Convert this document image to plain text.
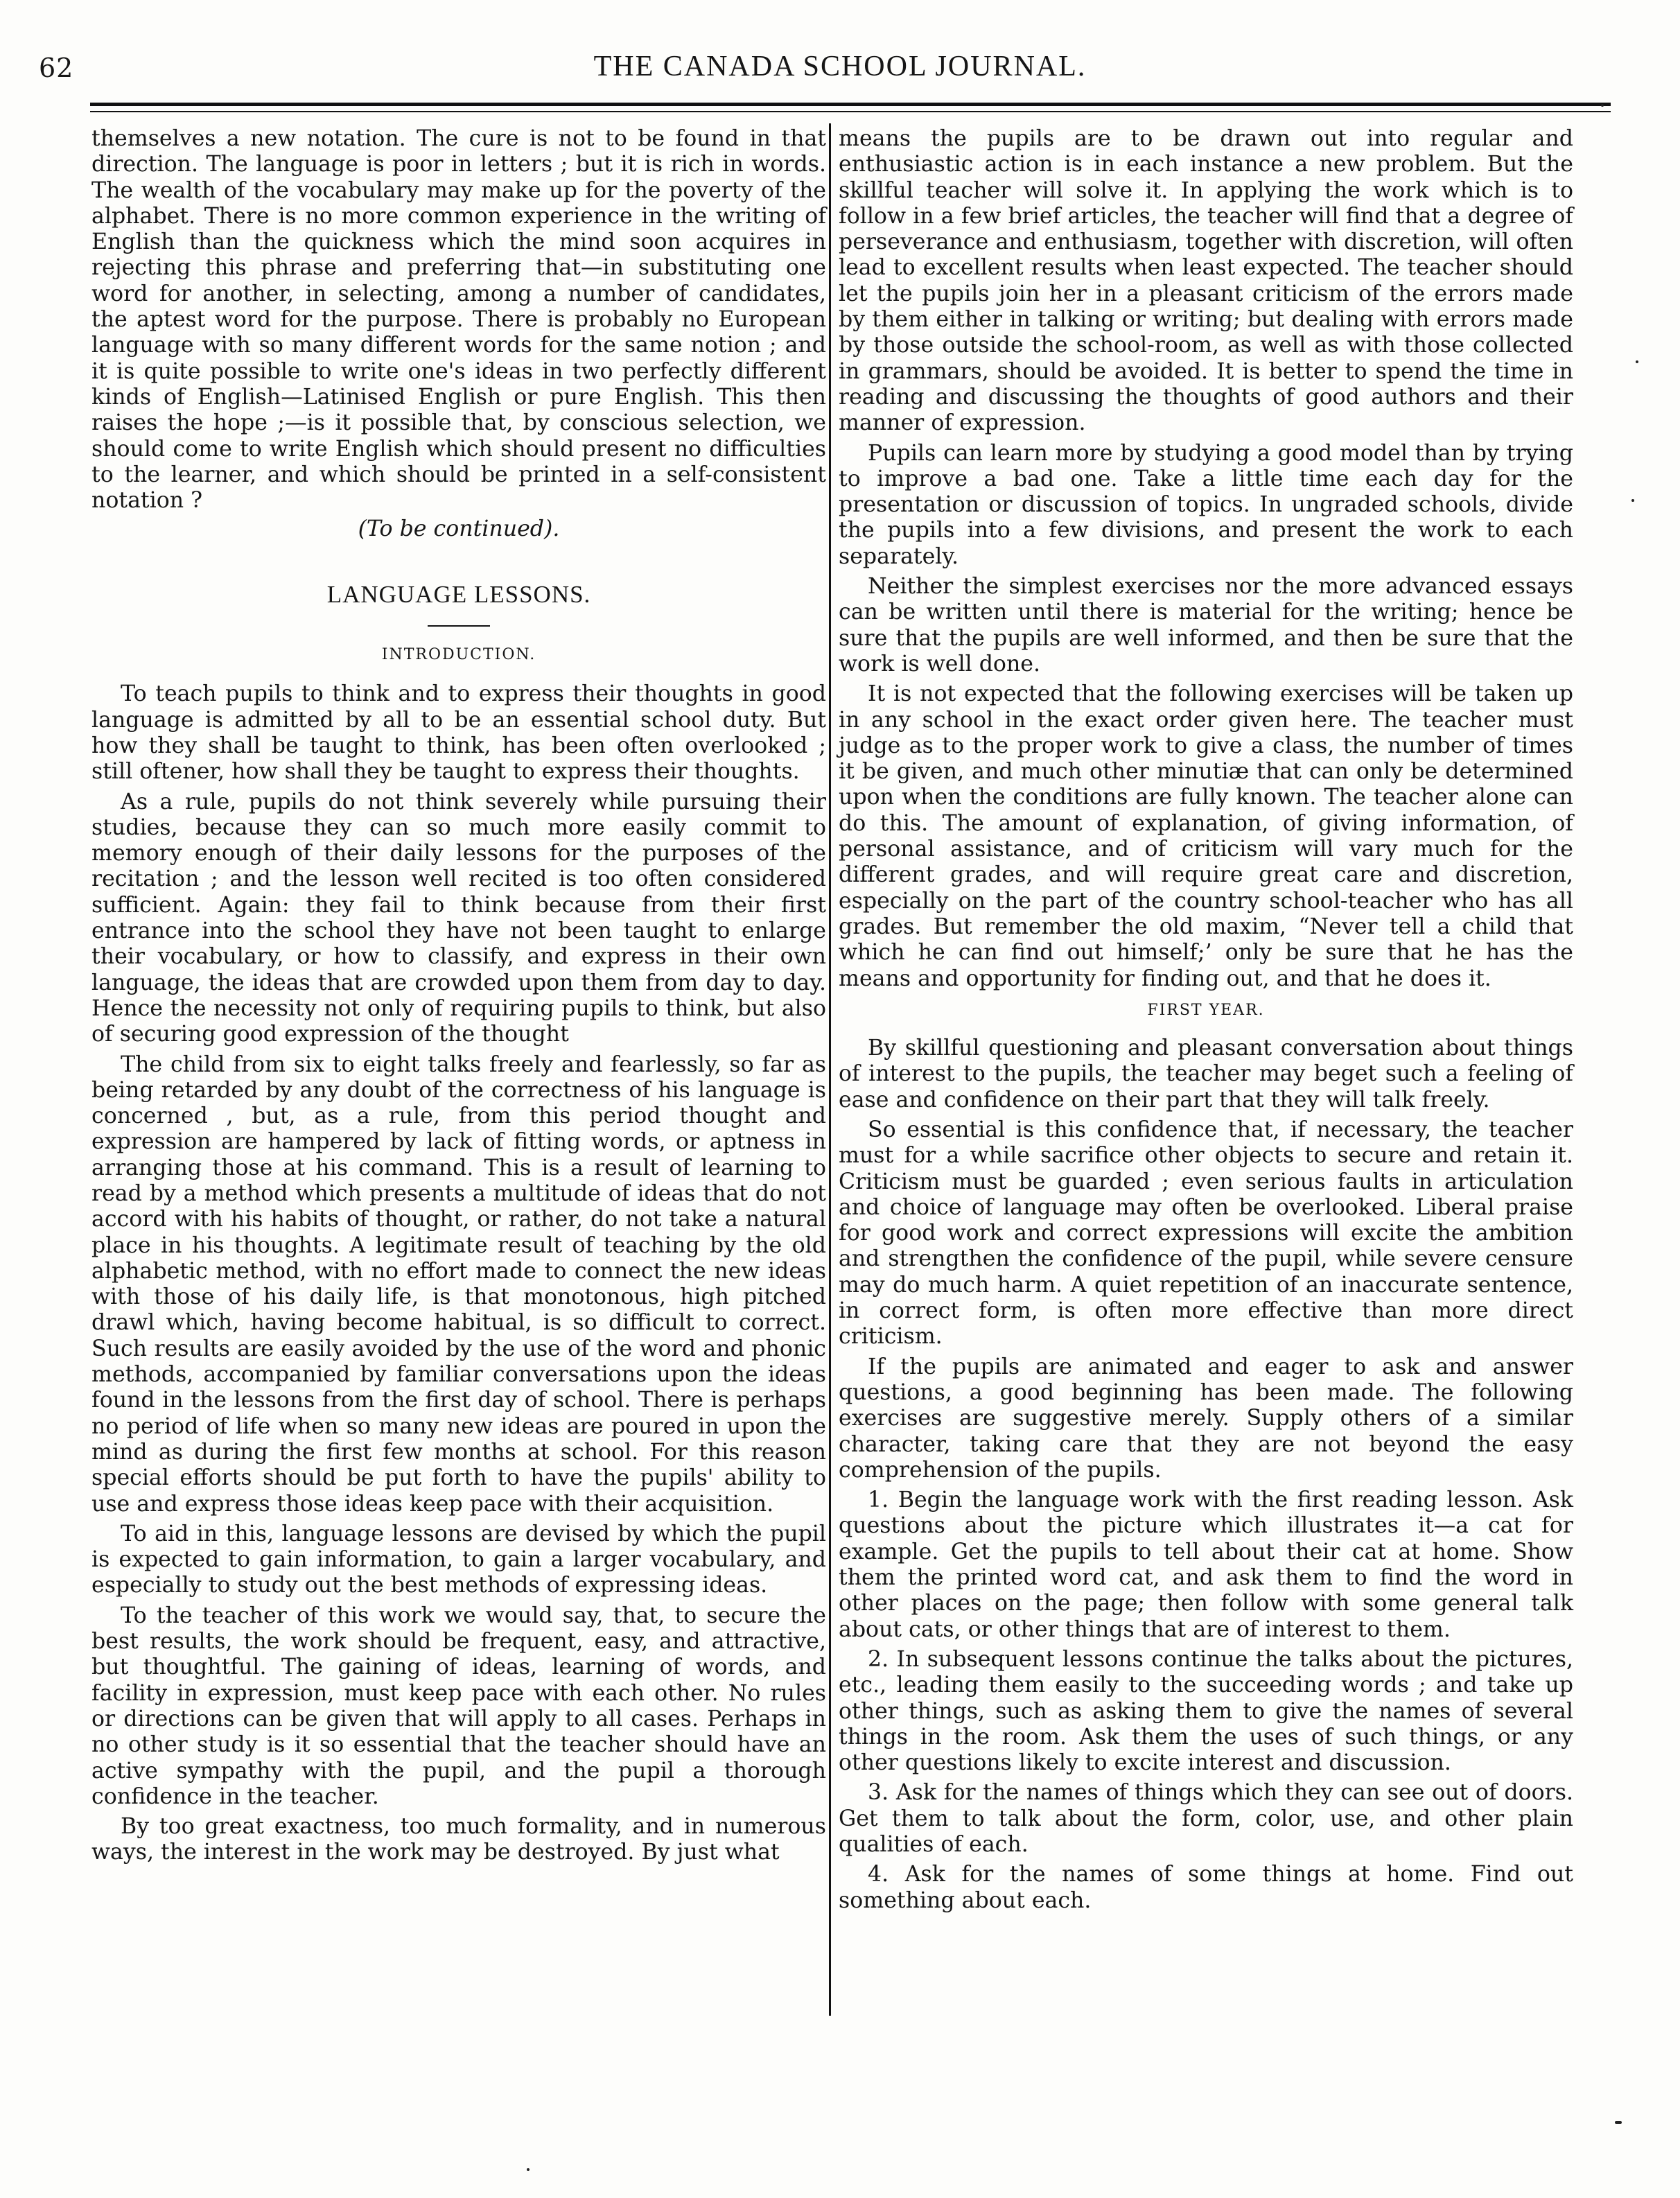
62	THE CANADA SCHOOL JOURNAL.

themselves a new notation. The cure is not to be found in that direction. The language is poor in letters ; but it is rich in words. The wealth of the vocabulary may make up for the poverty of the alphabet. There is no more common experience in the writing of English than the quickness which the mind soon acquires in rejecting this phrase and preferring that—in substituting one word for another, in selecting, among a number of candidates, the aptest word for the purpose. There is probably no European language with so many different words for the same notion ; and it is quite possible to write one's ideas in two perfectly different kinds of English—Latinised English or pure English. This then raises the hope ;—is it possible that, by conscious selection, we should come to write English which should present no difficulties to the learner, and which should be printed in a self-consistent notation ?

(To be continued).

LANGUAGE LESSONS.
INTRODUCTION.

To teach pupils to think and to express their thoughts in good language is admitted by all to be an essential school duty. But how they shall be taught to think, has been often overlooked ; still oftener, how shall they be taught to express their thoughts.

As a rule, pupils do not think severely while pursuing their studies, because they can so much more easily commit to memory enough of their daily lessons for the purposes of the recitation ; and the lesson well recited is too often considered sufficient. Again: they fail to think because from their first entrance into the school they have not been taught to enlarge their vocabulary, or how to classify, and express in their own language, the ideas that are crowded upon them from day to day. Hence the necessity not only of requiring pupils to think, but also of securing good expression of the thought

The child from six to eight talks freely and fearlessly, so far as being retarded by any doubt of the correctness of his language is concerned , but, as a rule, from this period thought and expression are hampered by lack of fitting words, or aptness in arranging those at his command. This is a result of learning to read by a method which presents a multitude of ideas that do not accord with his habits of thought, or rather, do not take a natural place in his thoughts. A legitimate result of teaching by the old alphabetic method, with no effort made to connect the new ideas with those of his daily life, is that monotonous, high pitched drawl which, having become habitual, is so difficult to correct. Such results are easily avoided by the use of the word and phonic methods, accompanied by familiar conversations upon the ideas found in the lessons from the first day of school. There is perhaps no period of life when so many new ideas are poured in upon the mind as during the first few months at school. For this reason special efforts should be put forth to have the pupils' ability to use and express those ideas keep pace with their acquisition.

To aid in this, language lessons are devised by which the pupil is expected to gain information, to gain a larger vocabulary, and especially to study out the best methods of expressing ideas.

To the teacher of this work we would say, that, to secure the best results, the work should be frequent, easy, and attractive, but thoughtful. The gaining of ideas, learning of words, and facility in expression, must keep pace with each other. No rules or directions can be given that will apply to all cases. Perhaps in no other study is it so essential that the teacher should have an active sympathy with the pupil, and the pupil a thorough confidence in the teacher.

By too great exactness, too much formality, and in numerous ways, the interest in the work may be destroyed. By just what

means the pupils are to be drawn out into regular and enthusiastic action is in each instance a new problem. But the skillful teacher will solve it. In applying the work which is to follow in a few brief articles, the teacher will find that a degree of perseverance and enthusiasm, together with discretion, will often lead to excellent results when least expected. The teacher should let the pupils join her in a pleasant criticism of the errors made by them either in talking or writing; but dealing with errors made by those outside the school-room, as well as with those collected in grammars, should be avoided. It is better to spend the time in reading and discussing the thoughts of good authors and their manner of expression.

Pupils can learn more by studying a good model than by trying to improve a bad one. Take a little time each day for the presentation or discussion of topics. In ungraded schools, divide the pupils into a few divisions, and present the work to each separately.

Neither the simplest exercises nor the more advanced essays can be written until there is material for the writing; hence be sure that the pupils are well informed, and then be sure that the work is well done.

It is not expected that the following exercises will be taken up in any school in the exact order given here. The teacher must judge as to the proper work to give a class, the number of times it be given, and much other minutiæ that can only be determined upon when the conditions are fully known. The teacher alone can do this. The amount of explanation, of giving information, of personal assistance, and of criticism will vary much for the different grades, and will require great care and discretion, especially on the part of the country school-teacher who has all grades. But remember the old maxim, “Never tell a child that which he can find out himself;’ only be sure that he has the means and opportunity for finding out, and that he does it.

FIRST YEAR.

By skillful questioning and pleasant conversation about things of interest to the pupils, the teacher may beget such a feeling of ease and confidence on their part that they will talk freely.

So essential is this confidence that, if necessary, the teacher must for a while sacrifice other objects to secure and retain it. Criticism must be guarded ; even serious faults in articulation and choice of language may often be overlooked. Liberal praise for good work and correct expressions will excite the ambition and strengthen the confidence of the pupil, while severe censure may do much harm. A quiet repetition of an inaccurate sentence, in correct form, is often more effective than more direct criticism.

If the pupils are animated and eager to ask and answer questions, a good beginning has been made. The following exercises are suggestive merely. Supply others of a similar character, taking care that they are not beyond the easy comprehension of the pupils.

1. Begin the language work with the first reading lesson. Ask questions about the picture which illustrates it—a cat for example. Get the pupils to tell about their cat at home. Show them the printed word cat, and ask them to find the word in other places on the page; then follow with some general talk about cats, or other things that are of interest to them.

2. In subsequent lessons continue the talks about the pictures, etc., leading them easily to the succeeding words ; and take up other things, such as asking them to give the names of several things in the room. Ask them the uses of such things, or any other questions likely to excite interest and discussion.

3. Ask for the names of things which they can see out of doors. Get them to talk about the form, color, use, and other plain qualities of each.

4. Ask for the names of some things at home. Find out something about each.
